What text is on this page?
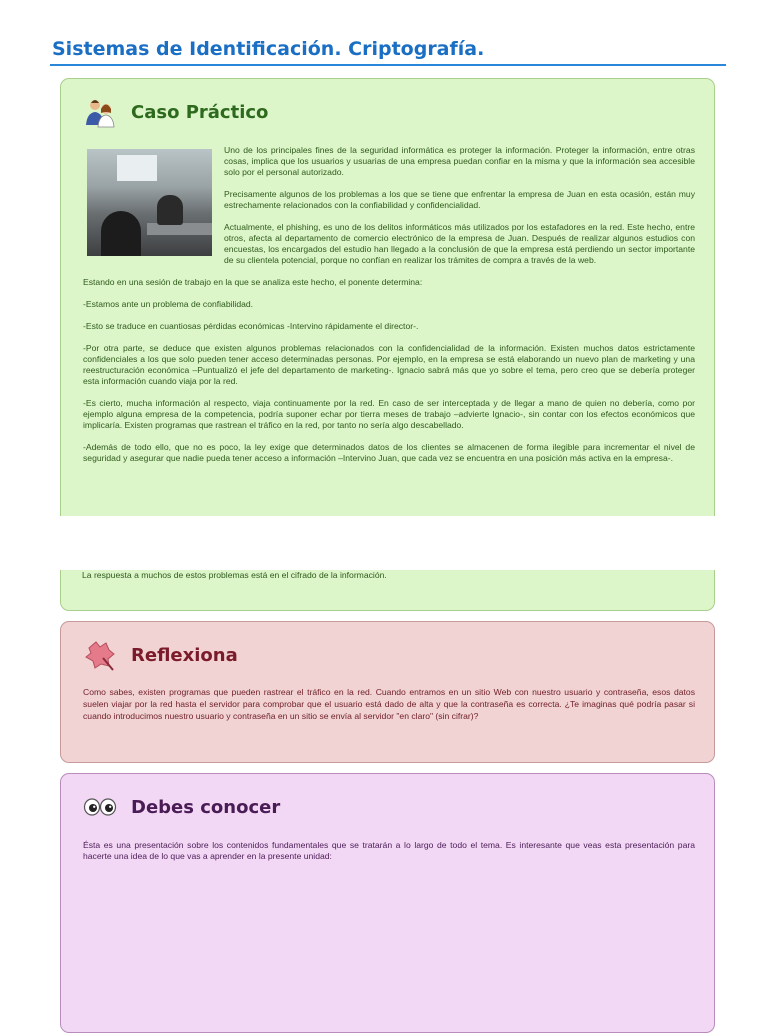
Sistemas de Identificación. Criptografía.
Caso Práctico

Uno de los principales fines de la seguridad informática es proteger la información. Proteger la información, entre otras cosas, implica que los usuarios y usuarias de una empresa puedan confiar en la misma y que la información sea accesible solo por el personal autorizado.

Precisamente algunos de los problemas a los que se tiene que enfrentar la empresa de Juan en esta ocasión, están muy estrechamente relacionados con la confiabilidad y confidencialidad.

Actualmente, el phishing, es uno de los delitos informáticos más utilizados por los estafadores en la red. Este hecho, entre otros, afecta al departamento de comercio electrónico de la empresa de Juan. Después de realizar algunos estudios con encuestas, los encargados del estudio han llegado a la conclusión de que la empresa está perdiendo un sector importante de su clientela potencial, porque no confían en realizar los trámites de compra a través de la web.

Estando en una sesión de trabajo en la que se analiza este hecho, el ponente determina:

-Estamos ante un problema de confiabilidad.

-Esto se traduce en cuantiosas pérdidas económicas -Intervino rápidamente el director-.

-Por otra parte, se deduce que existen algunos problemas relacionados con la confidencialidad de la información. Existen muchos datos estrictamente confidenciales a los que solo pueden tener acceso determinadas personas. Por ejemplo, en la empresa se está elaborando un nuevo plan de marketing y una reestructuración económica –Puntualizó el jefe del departamento de marketing-. Ignacio sabrá más que yo sobre el tema, pero creo que se debería proteger esta información cuando viaja por la red.

-Es cierto, mucha información al respecto, viaja continuamente por la red. En caso de ser interceptada y de llegar a mano de quien no debería, como por ejemplo alguna empresa de la competencia, podría suponer echar por tierra meses de trabajo –advierte Ignacio-, sin contar con los efectos económicos que implicaría. Existen programas que rastrean el tráfico en la red, por tanto no sería algo descabellado.

-Además de todo ello, que no es poco, la ley exige que determinados datos de los clientes se almacenen de forma ilegible para incrementar el nivel de seguridad y asegurar que nadie pueda tener acceso a información –Intervino Juan, que cada vez se encuentra en una posición más activa en la empresa-.

La respuesta a muchos de estos problemas está en el cifrado de la información.

Reflexiona

Como sabes, existen programas que pueden rastrear el tráfico en la red. Cuando entramos en un sitio Web con nuestro usuario y contraseña, esos datos suelen viajar por la red hasta el servidor para comprobar que el usuario está dado de alta y que la contraseña es correcta. ¿Te imaginas qué podría pasar si cuando introducimos nuestro usuario y contraseña en un sitio se envía al servidor "en claro" (sin cifrar)?

Debes conocer

Ésta es una presentación sobre los contenidos fundamentales que se tratarán a lo largo de todo el tema. Es interesante que veas esta presentación para hacerte una idea de lo que vas a aprender en la presente unidad:
